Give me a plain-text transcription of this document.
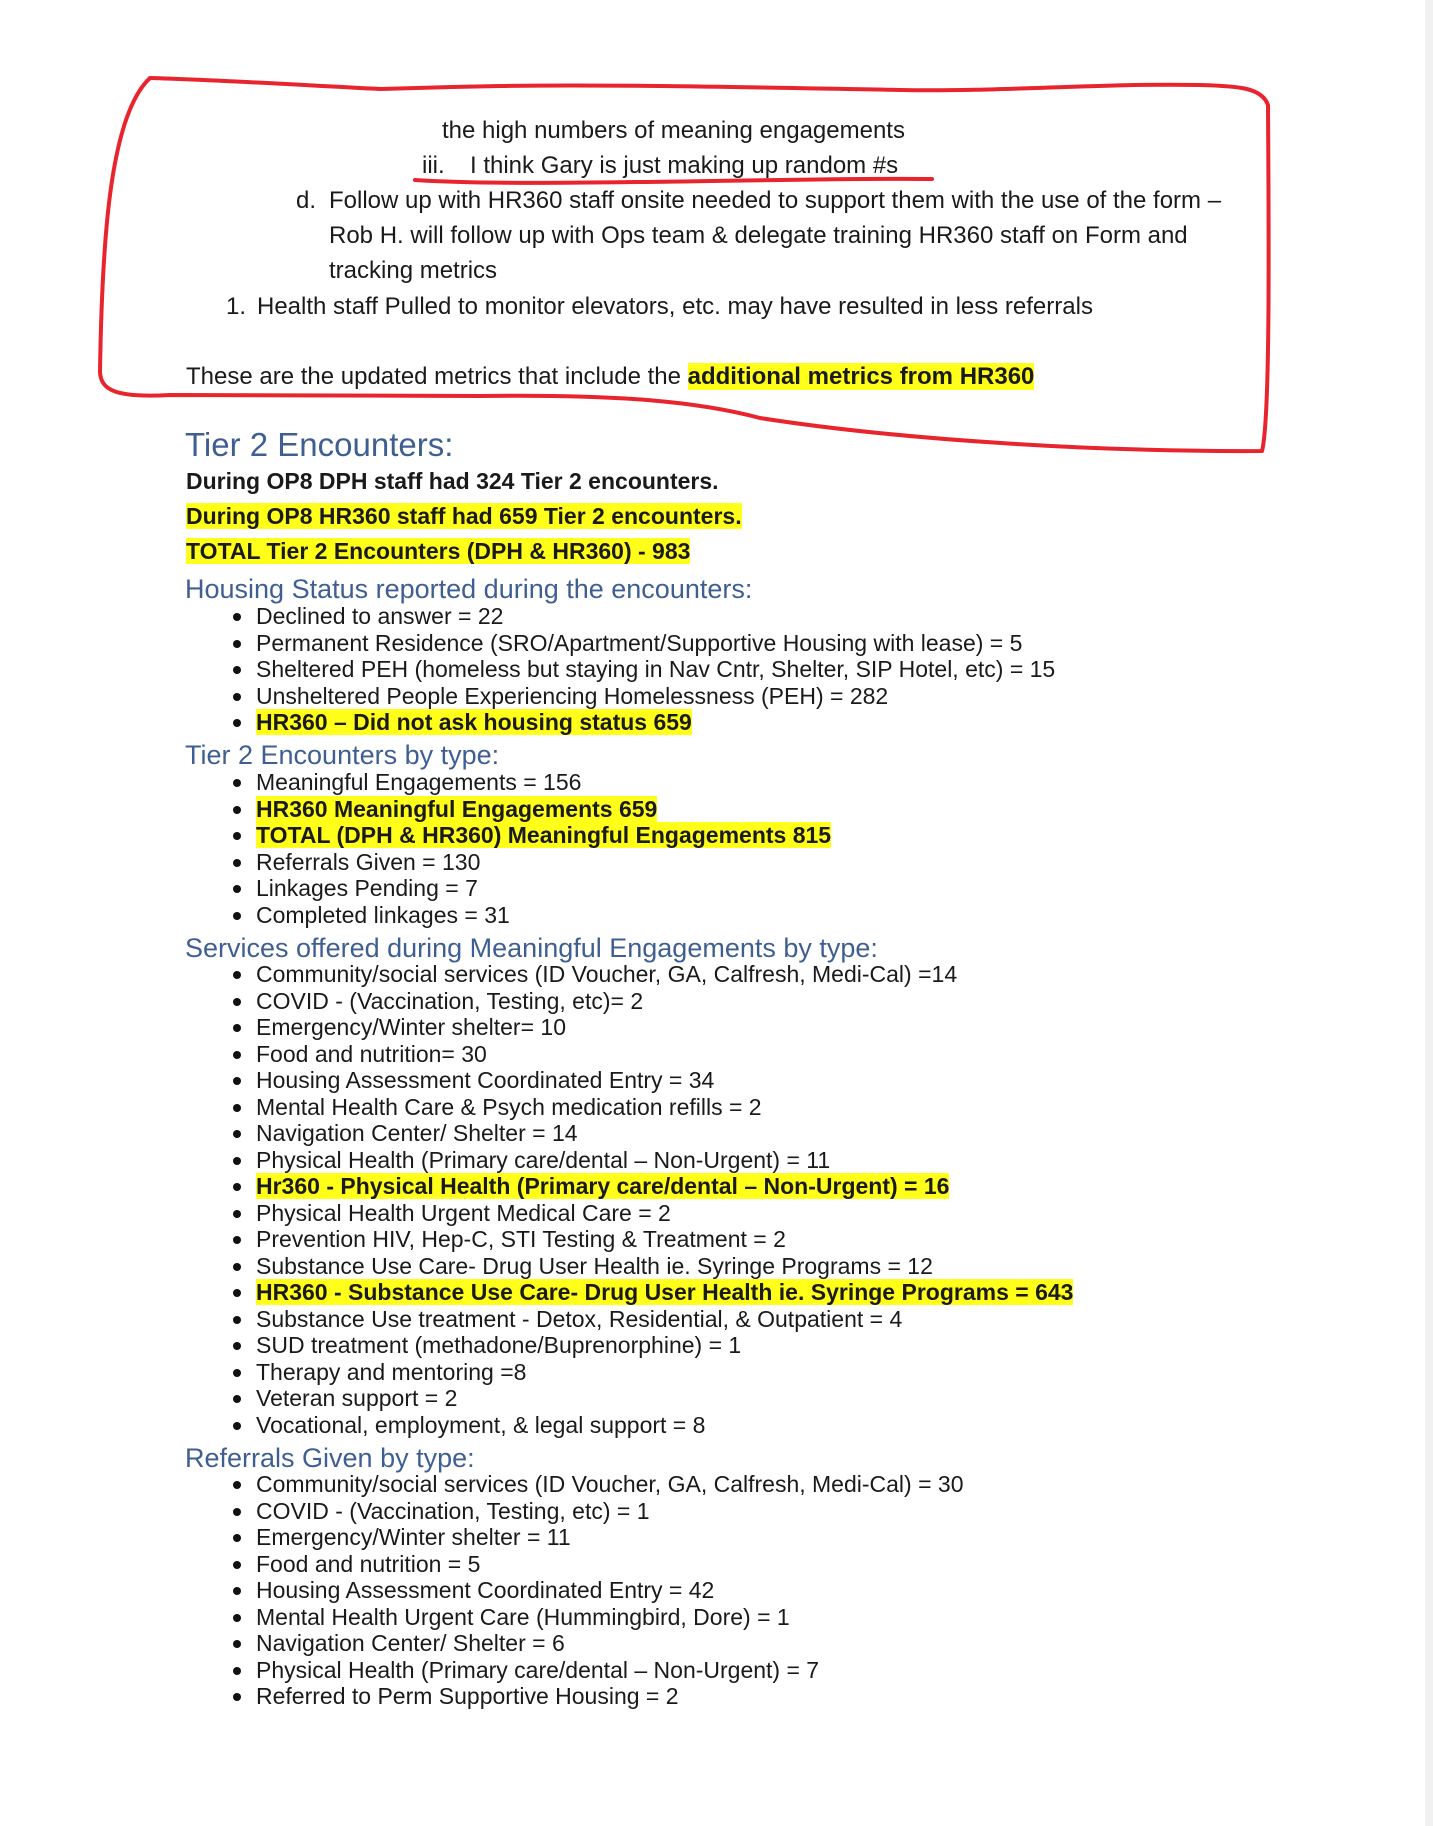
the high numbers of meaning engagements
iii. I think Gary is just making up random #s
d. Follow up with HR360 staff onsite needed to support them with the use of the form –
Rob H. will follow up with Ops team & delegate training HR360 staff on Form and
tracking metrics
1. Health staff Pulled to monitor elevators, etc. may have resulted in less referrals
These are the updated metrics that include the additional metrics from HR360
Tier 2 Encounters:
During OP8 DPH staff had 324 Tier 2 encounters.
During OP8 HR360 staff had 659 Tier 2 encounters.
TOTAL Tier 2 Encounters (DPH & HR360) - 983
Housing Status reported during the encounters:
Declined to answer = 22
Permanent Residence (SRO/Apartment/Supportive Housing with lease) = 5
Sheltered PEH (homeless but staying in Nav Cntr, Shelter, SIP Hotel, etc) = 15
Unsheltered People Experiencing Homelessness (PEH) = 282
HR360 – Did not ask housing status 659
Tier 2 Encounters by type:
Meaningful Engagements = 156
HR360 Meaningful Engagements 659
TOTAL (DPH & HR360) Meaningful Engagements 815
Referrals Given = 130
Linkages Pending = 7
Completed linkages = 31
Services offered during Meaningful Engagements by type:
Community/social services (ID Voucher, GA, Calfresh, Medi-Cal) =14
COVID - (Vaccination, Testing, etc)= 2
Emergency/Winter shelter= 10
Food and nutrition= 30
Housing Assessment Coordinated Entry = 34
Mental Health Care & Psych medication refills = 2
Navigation Center/ Shelter = 14
Physical Health (Primary care/dental – Non-Urgent) = 11
Hr360 - Physical Health (Primary care/dental – Non-Urgent) = 16
Physical Health Urgent Medical Care = 2
Prevention HIV, Hep-C, STI Testing & Treatment = 2
Substance Use Care- Drug User Health ie. Syringe Programs = 12
HR360 - Substance Use Care- Drug User Health ie. Syringe Programs = 643
Substance Use treatment - Detox, Residential, & Outpatient = 4
SUD treatment (methadone/Buprenorphine) = 1
Therapy and mentoring =8
Veteran support = 2
Vocational, employment, & legal support = 8
Referrals Given by type:
Community/social services (ID Voucher, GA, Calfresh, Medi-Cal) = 30
COVID - (Vaccination, Testing, etc) = 1
Emergency/Winter shelter = 11
Food and nutrition = 5
Housing Assessment Coordinated Entry = 42
Mental Health Urgent Care (Hummingbird, Dore) = 1
Navigation Center/ Shelter = 6
Physical Health (Primary care/dental – Non-Urgent) = 7
Referred to Perm Supportive Housing = 2
